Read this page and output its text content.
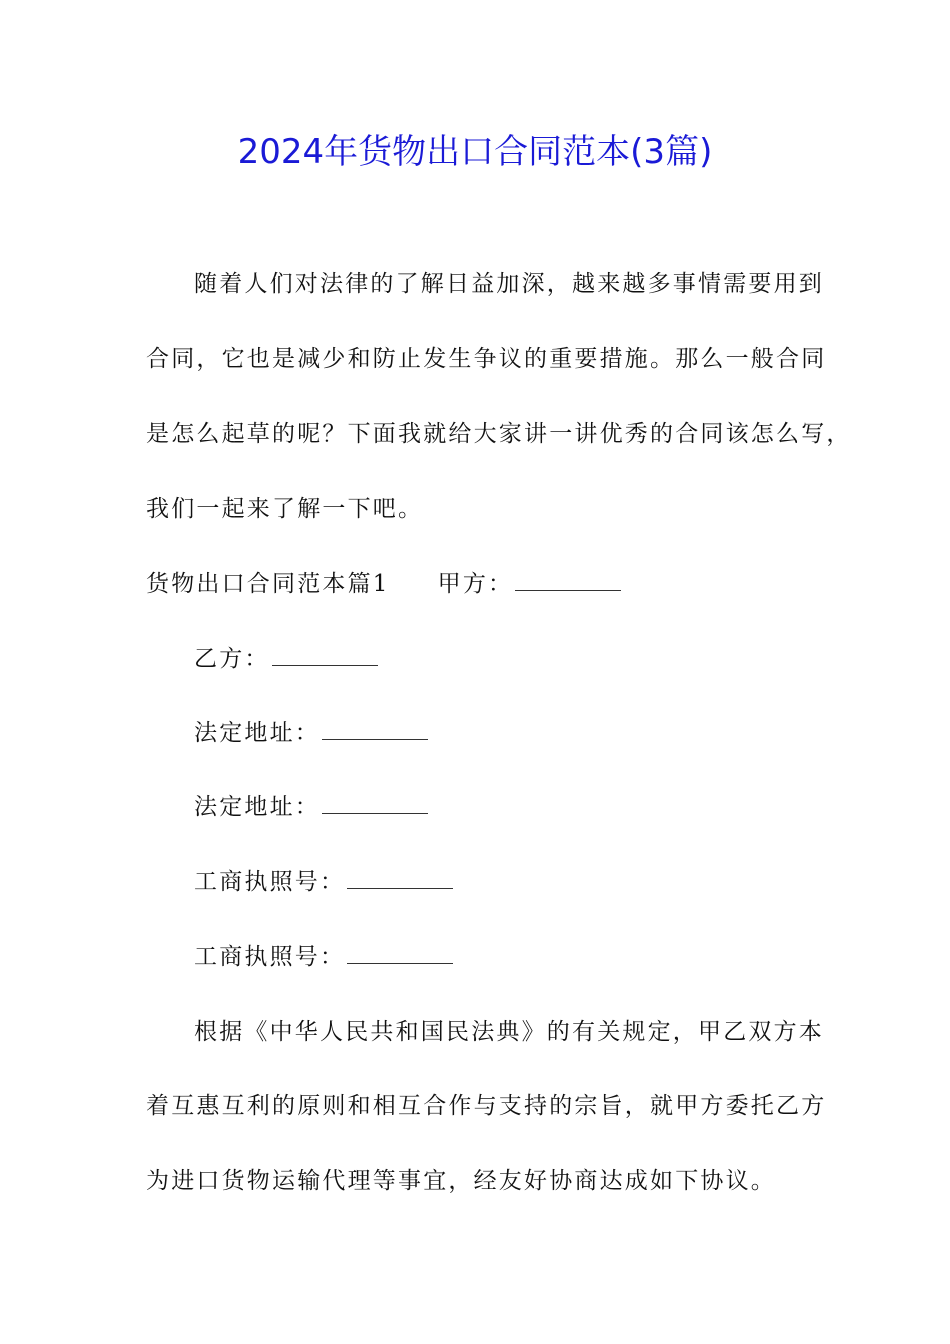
2024年货物出口合同范本(3篇)
随着人们对法律的了解日益加深，越来越多事情需要用到
合同，它也是减少和防止发生争议的重要措施。那么一般合同
是怎么起草的呢？下面我就给大家讲一讲优秀的合同该怎么写，
我们一起来了解一下吧。
货物出口合同范本篇1 甲方：
乙方：
法定地址：
法定地址：
工商执照号：
工商执照号：
根据《中华人民共和国民法典》的有关规定，甲乙双方本
着互惠互利的原则和相互合作与支持的宗旨，就甲方委托乙方
为进口货物运输代理等事宜，经友好协商达成如下协议。
